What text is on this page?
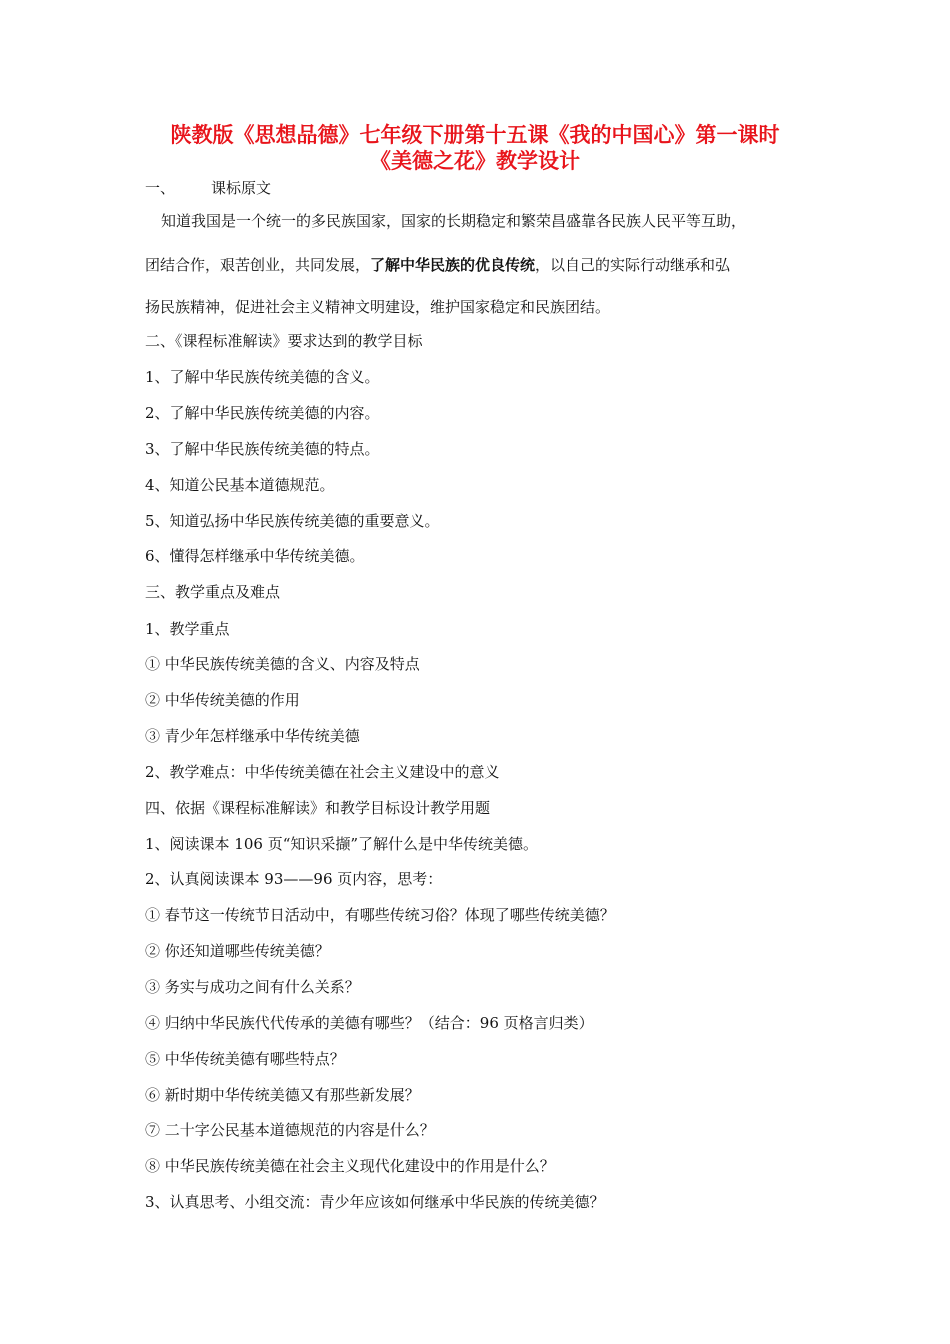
陕教版《思想品德》七年级下册第十五课《我的中国心》第一课时
《美德之花》教学设计
一、 课标原文
知道我国是一个统一的多民族国家，国家的长期稳定和繁荣昌盛靠各民族人民平等互助，
团结合作，艰苦创业，共同发展，了解中华民族的优良传统，以自己的实际行动继承和弘
扬民族精神，促进社会主义精神文明建设，维护国家稳定和民族团结。
二、《课程标准解读》要求达到的教学目标
1、了解中华民族传统美德的含义。
2、了解中华民族传统美德的内容。
3、了解中华民族传统美德的特点。
4、知道公民基本道德规范。
5、知道弘扬中华民族传统美德的重要意义。
6、懂得怎样继承中华传统美德。
三、教学重点及难点
1、教学重点
① 中华民族传统美德的含义、内容及特点
② 中华传统美德的作用
③ 青少年怎样继承中华传统美德
2、教学难点：中华传统美德在社会主义建设中的意义
四、依据《课程标准解读》和教学目标设计教学用题
1、阅读课本 106 页“知识采撷”了解什么是中华传统美德。
2、认真阅读课本 93——96 页内容，思考：
① 春节这一传统节日活动中，有哪些传统习俗？体现了哪些传统美德？
② 你还知道哪些传统美德？
③ 务实与成功之间有什么关系？
④ 归纳中华民族代代传承的美德有哪些？（结合：96 页格言归类）
⑤ 中华传统美德有哪些特点？
⑥ 新时期中华传统美德又有那些新发展？
⑦ 二十字公民基本道德规范的内容是什么？
⑧ 中华民族传统美德在社会主义现代化建设中的作用是什么？
3、认真思考、小组交流：青少年应该如何继承中华民族的传统美德？
